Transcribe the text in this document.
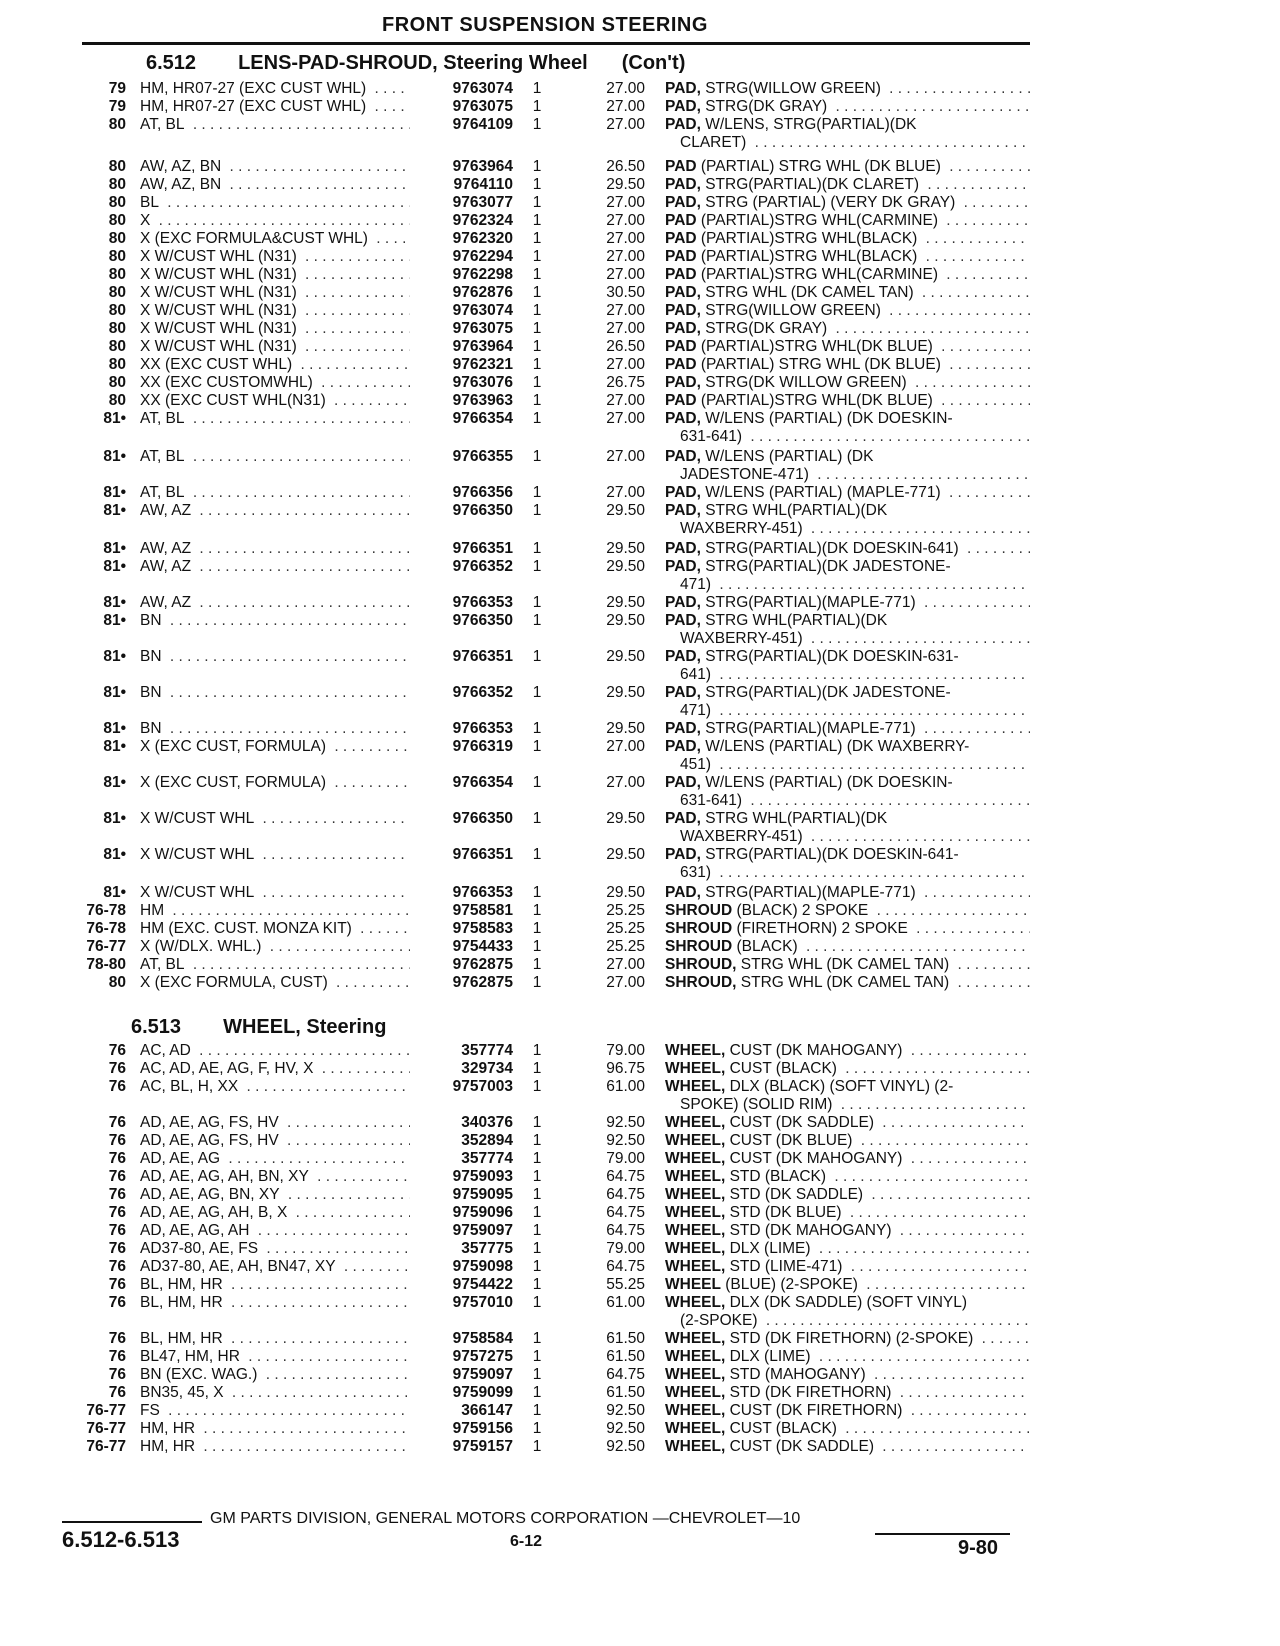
FRONT SUSPENSION STEERING
6.512 LENS-PAD-SHROUD, Steering Wheel (Con't)
6.513 WHEEL, Steering
79 HM, HR07-27 (EXC CUST WHL) . . .	9763074 1	27.00 PAD, STRG(WILLOW GREEN) . . .
79 HM, HR07-27 (EXC CUST WHL) . . .	9763075 1	27.00 PAD, STRG(DK GRAY) . . .
80 AT, BL . . .	9764109 1	27.00 PAD, W/LENS, STRG(PARTIAL)(DK
CLARET) . . .
80 AW, AZ, BN . . .	9763964 1	26.50 PAD (PARTIAL) STRG WHL (DK BLUE) . . .
80 AW, AZ, BN . . .	9764110 1	29.50 PAD, STRG(PARTIAL)(DK CLARET) . . .
80 BL . . .	9763077 1	27.00 PAD, STRG (PARTIAL) (VERY DK GRAY) . . .
80 X . . .	9762324 1	27.00 PAD (PARTIAL)STRG WHL(CARMINE) . . .
80 X (EXC FORMULA&CUST WHL) . . .	9762320 1	27.00 PAD (PARTIAL)STRG WHL(BLACK) . . .
80 X W/CUST WHL (N31) . . .	9762294 1	27.00 PAD (PARTIAL)STRG WHL(BLACK) . . .
80 X W/CUST WHL (N31) . . .	9762298 1	27.00 PAD (PARTIAL)STRG WHL(CARMINE) . . .
80 X W/CUST WHL (N31) . . .	9762876 1	30.50 PAD, STRG WHL (DK CAMEL TAN) . . .
80 X W/CUST WHL (N31) . . .	9763074 1	27.00 PAD, STRG(WILLOW GREEN) . . .
80 X W/CUST WHL (N31) . . .	9763075 1	27.00 PAD, STRG(DK GRAY) . . .
80 X W/CUST WHL (N31) . . .	9763964 1	26.50 PAD (PARTIAL)STRG WHL(DK BLUE) . . .
80 XX (EXC CUST WHL) . . .	9762321 1	27.00 PAD (PARTIAL) STRG WHL (DK BLUE) . . .
80 XX (EXC CUSTOMWHL) . . .	9763076 1	26.75 PAD, STRG(DK WILLOW GREEN) . . .
80 XX (EXC CUST WHL(N31) . . .	9763963 1	27.00 PAD (PARTIAL)STRG WHL(DK BLUE) . . .
81• AT, BL . . .	9766354 1	27.00 PAD, W/LENS (PARTIAL) (DK DOESKIN-
631-641) . . .
81• AT, BL . . .	9766355 1	27.00 PAD, W/LENS (PARTIAL) (DK
JADESTONE-471) . . .
81• AT, BL . . .	9766356 1	27.00 PAD, W/LENS (PARTIAL) (MAPLE-771) . . .
81• AW, AZ . . .	9766350 1	29.50 PAD, STRG WHL(PARTIAL)(DK
WAXBERRY-451) . . .
81• AW, AZ . . .	9766351 1	29.50 PAD, STRG(PARTIAL)(DK DOESKIN-641) . . .
81• AW, AZ . . .	9766352 1	29.50 PAD, STRG(PARTIAL)(DK JADESTONE-
471) . . .
81• AW, AZ . . .	9766353 1	29.50 PAD, STRG(PARTIAL)(MAPLE-771) . . .
81• BN . . .	9766350 1	29.50 PAD, STRG WHL(PARTIAL)(DK
WAXBERRY-451) . . .
81• BN . . .	9766351 1	29.50 PAD, STRG(PARTIAL)(DK DOESKIN-631-
641) . . .
81• BN . . .	9766352 1	29.50 PAD, STRG(PARTIAL)(DK JADESTONE-
471) . . .
81• BN . . .	9766353 1	29.50 PAD, STRG(PARTIAL)(MAPLE-771) . . .
81• X (EXC CUST, FORMULA) . . .	9766319 1	27.00 PAD, W/LENS (PARTIAL) (DK WAXBERRY-
451) . . .
81• X (EXC CUST, FORMULA) . . .	9766354 1	27.00 PAD, W/LENS (PARTIAL) (DK DOESKIN-
631-641) . . .
81• X W/CUST WHL . . .	9766350 1	29.50 PAD, STRG WHL(PARTIAL)(DK
WAXBERRY-451) . . .
81• X W/CUST WHL . . .	9766351 1	29.50 PAD, STRG(PARTIAL)(DK DOESKIN-641-
631) . . .
81• X W/CUST WHL . . .	9766353 1	29.50 PAD, STRG(PARTIAL)(MAPLE-771) . . .
76-78 HM . . .	9758581 1	25.25 SHROUD (BLACK) 2 SPOKE . . .
76-78 HM (EXC. CUST. MONZA KIT) . . .	9758583 1	25.25 SHROUD (FIRETHORN) 2 SPOKE . . .
76-77 X (W/DLX. WHL.) . . .	9754433 1	25.25 SHROUD (BLACK) . . .
78-80 AT, BL . . .	9762875 1	27.00 SHROUD, STRG WHL (DK CAMEL TAN) . . .
80 X (EXC FORMULA, CUST) . . .	9762875 1	27.00 SHROUD, STRG WHL (DK CAMEL TAN) . . .
76 AC, AD . . .	357774 1	79.00 WHEEL, CUST (DK MAHOGANY) . . .
76 AC, AD, AE, AG, F, HV, X . . .	329734 1	96.75 WHEEL, CUST (BLACK) . . .
76 AC, BL, H, XX . . .	9757003 1	61.00 WHEEL, DLX (BLACK) (SOFT VINYL) (2-
SPOKE) (SOLID RIM) . . .
76 AD, AE, AG, FS, HV . . .	340376 1	92.50 WHEEL, CUST (DK SADDLE) . . .
76 AD, AE, AG, FS, HV . . .	352894 1	92.50 WHEEL, CUST (DK BLUE) . . .
76 AD, AE, AG . . .	357774 1	79.00 WHEEL, CUST (DK MAHOGANY) . . .
76 AD, AE, AG, AH, BN, XY . . .	9759093 1	64.75 WHEEL, STD (BLACK) . . .
76 AD, AE, AG, BN, XY . . .	9759095 1	64.75 WHEEL, STD (DK SADDLE) . . .
76 AD, AE, AG, AH, B, X . . .	9759096 1	64.75 WHEEL, STD (DK BLUE) . . .
76 AD, AE, AG, AH . . .	9759097 1	64.75 WHEEL, STD (DK MAHOGANY) . . .
76 AD37-80, AE, FS . . .	357775 1	79.00 WHEEL, DLX (LIME) . . .
76 AD37-80, AE, AH, BN47, XY . . .	9759098 1	64.75 WHEEL, STD (LIME-471) . . .
76 BL, HM, HR . . .	9754422 1	55.25 WHEEL (BLUE) (2-SPOKE) . . .
76 BL, HM, HR . . .	9757010 1	61.00 WHEEL, DLX (DK SADDLE) (SOFT VINYL)
(2-SPOKE) . . .
76 BL, HM, HR . . .	9758584 1	61.50 WHEEL, STD (DK FIRETHORN) (2-SPOKE) . . .
76 BL47, HM, HR . . .	9757275 1	61.50 WHEEL, DLX (LIME) . . .
76 BN (EXC. WAG.) . . .	9759097 1	64.75 WHEEL, STD (MAHOGANY) . . .
76 BN35, 45, X . . .	9759099 1	61.50 WHEEL, STD (DK FIRETHORN) . . .
76-77 FS . . .	366147 1	92.50 WHEEL, CUST (DK FIRETHORN) . . .
76-77 HM, HR . . .	9759156 1	92.50 WHEEL, CUST (BLACK) . . .
76-77 HM, HR . . .	9759157 1	92.50 WHEEL, CUST (DK SADDLE) . . .
GM PARTS DIVISION, GENERAL MOTORS CORPORATION —CHEVROLET—10
6.512-6.513	6-12	9-80
